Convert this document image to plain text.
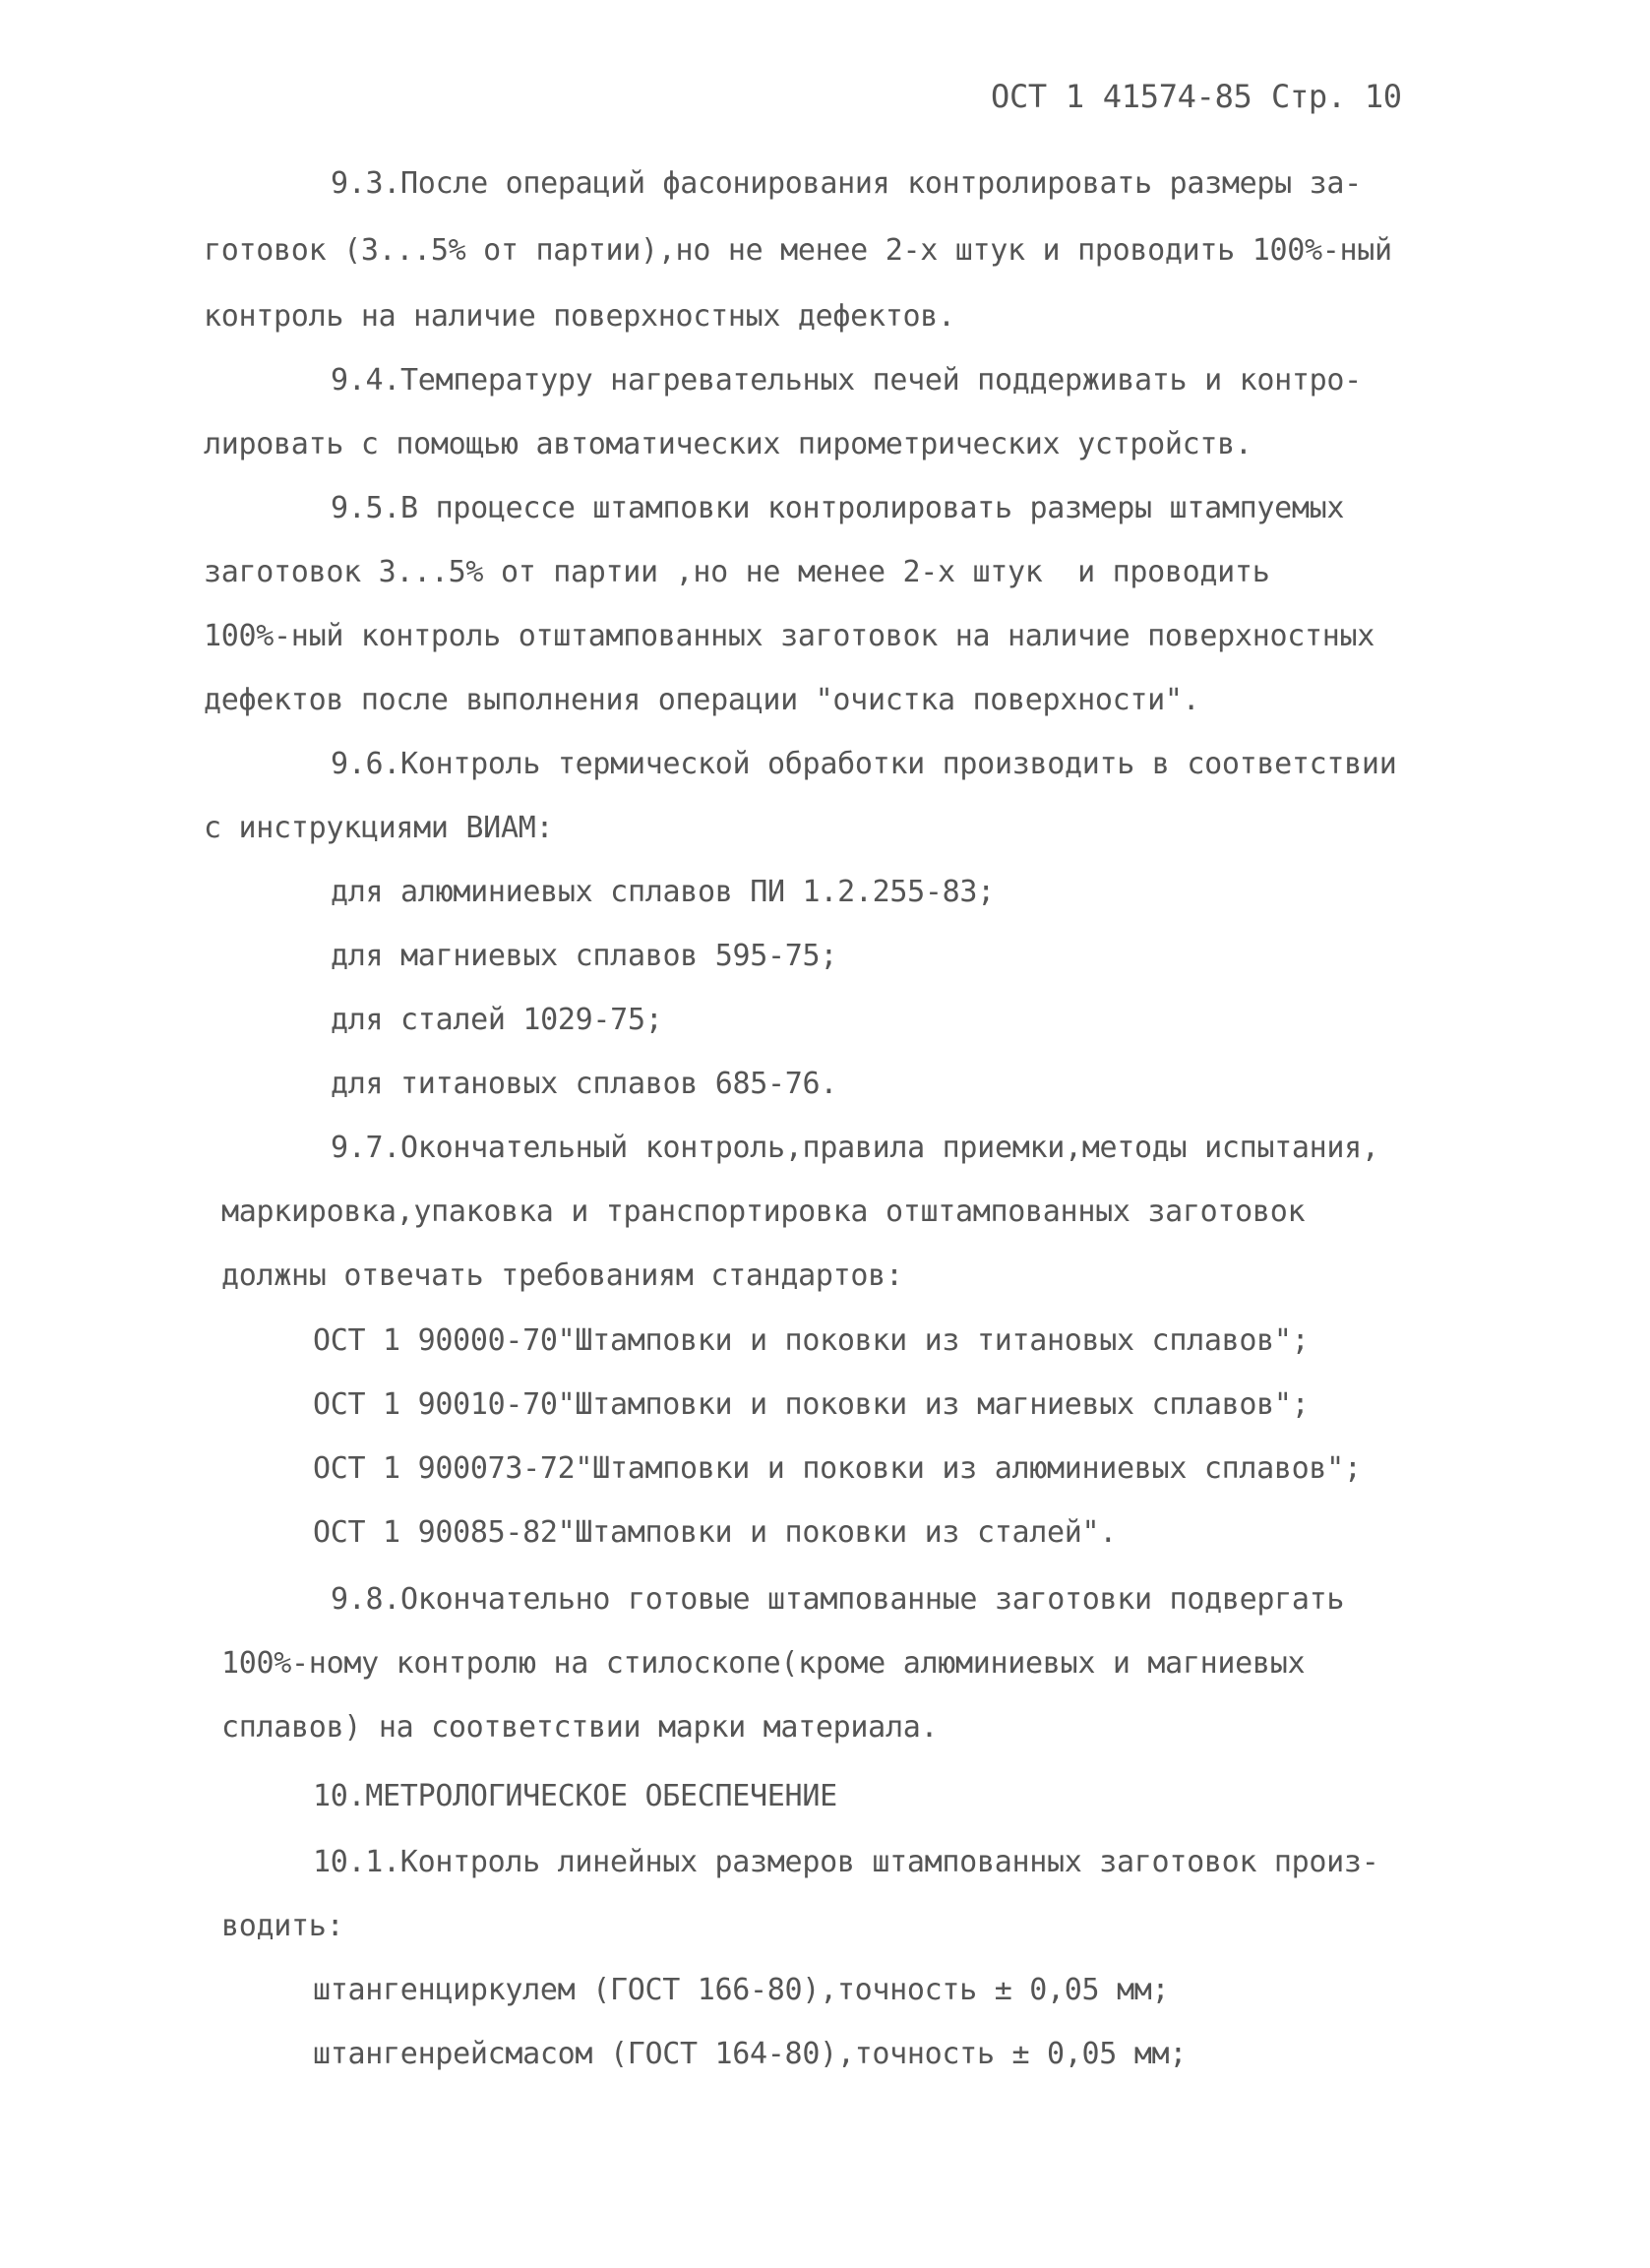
ОСТ 1 41574-85 Стр. 10
9.3.После операций фасонирования контролировать размеры за-
готовок (3...5% от партии),но не менее 2-х штук и проводить 100%-ный
контроль на наличие поверхностных дефектов.
9.4.Температуру нагревательных печей поддерживать и контро-
лировать с помощью автоматических пирометрических устройств.
9.5.В процессе штамповки контролировать размеры штампуемых
заготовок 3...5% от партии ,но не менее 2-х штук  и проводить
100%-ный контроль отштампованных заготовок на наличие поверхностных
дефектов после выполнения операции "очистка поверхности".
9.6.Контроль термической обработки производить в соответствии
с инструкциями ВИАМ:
для алюминиевых сплавов ПИ 1.2.255-83;
для магниевых сплавов 595-75;
для сталей 1029-75;
для титановых сплавов 685-76.
9.7.Окончательный контроль,правила приемки,методы испытания,
маркировка,упаковка и транспортировка отштампованных заготовок
должны отвечать требованиям стандартов:
ОСТ 1 90000-70"Штамповки и поковки из титановых сплавов";
ОСТ 1 90010-70"Штамповки и поковки из магниевых сплавов";
ОСТ 1 900073-72"Штамповки и поковки из алюминиевых сплавов";
ОСТ 1 90085-82"Штамповки и поковки из сталей".
9.8.Окончательно готовые штампованные заготовки подвергать
100%-ному контролю на стилоскопе(кроме алюминиевых и магниевых
сплавов) на соответствии марки материала.
10.МЕТРОЛОГИЧЕСКОЕ ОБЕСПЕЧЕНИЕ
10.1.Контроль линейных размеров штампованных заготовок произ-
водить:
штангенциркулем (ГОСТ 166-80),точность ± 0,05 мм;
штангенрейсмасом (ГОСТ 164-80),точность ± 0,05 мм;
